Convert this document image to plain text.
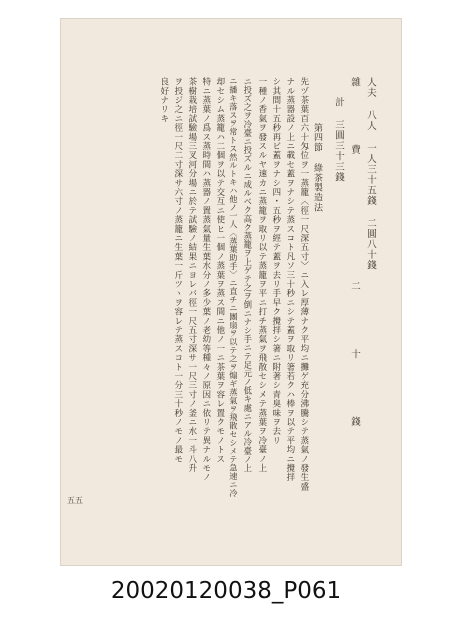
人夫 八人 一人三十五錢 二圓八十錢
雜費 二十錢
計 三圓三十三錢
第四節 綠茶製造法
先ヅ茶葉百六十匁位ヲ一蒸籠〈徑一尺深五寸〉ニ入レ厚薄ナク平均ニ攤ゲ充分沸騰シテ蒸氣ノ發生盛
ナル蒸器設ノ上ニ載セ蓋ヲナシテ蒸スコト凡ソ三十秒ニシテ蓋ヲ取リ箸若クハ棒ヲ以テ平均ニ攪拌
シ其間十五秒再ビ蓋ヲナシ四・五秒ヲ經テ蓋ヲ去リ手早ク攪拌シ箸ニ附著シ青臭味ヲ去リ
一種ノ香氣ヲ發スルヤ速カニ蒸籠ヲ取リ以テ蒸籠ヲ平ニ打チ蒸氣ヲ飛散セシメテ蒸葉ヲ冷臺ノ上
ニ投ズ之ヲ冷臺ニ投ズルニ成ルベク高ク蒸籠ヲ上ゲテ之ヲ倒ニナシ手ニテ足元ノ低キ處ニアル冷臺ノ上
ニ播キ落スヲ常トス然ルトキハ他ノ一人〈蒸葉助手〉ニ直チニ團扇ヲ以テ之ヲ煽ギ蒸氣ヲ飛散セシメテ急速ニ冷
却セシム蒸籠ハ二個ヲ以テ交互ニ使ヒ一個ノ蒸葉ヲ蒸ス間ニ他ノ一ニ茶葉ヲ容レ置クモノトス
特ニ蒸葉ノ爲ス蒸時間ハ蒸器ノ置蒸氣量生葉水分ノ多少葉ノ老幼等種々ノ原因ニ依リテ異ナルモノ
茶樹栽培試驗場三叉河分場ニ於テ試驗ノ結果ニヨレバ徑一尺五寸深サ一尺三寸ノ釜ニ水一斗八升
ヲ投ジ之ニ徑一尺二寸深サ六寸ノ蒸籠ニ生葉一斤ツヽヲ容レテ蒸スコト一分三十秒ノモノ最モ
良好ナリキ
五五
20020120038_P061
